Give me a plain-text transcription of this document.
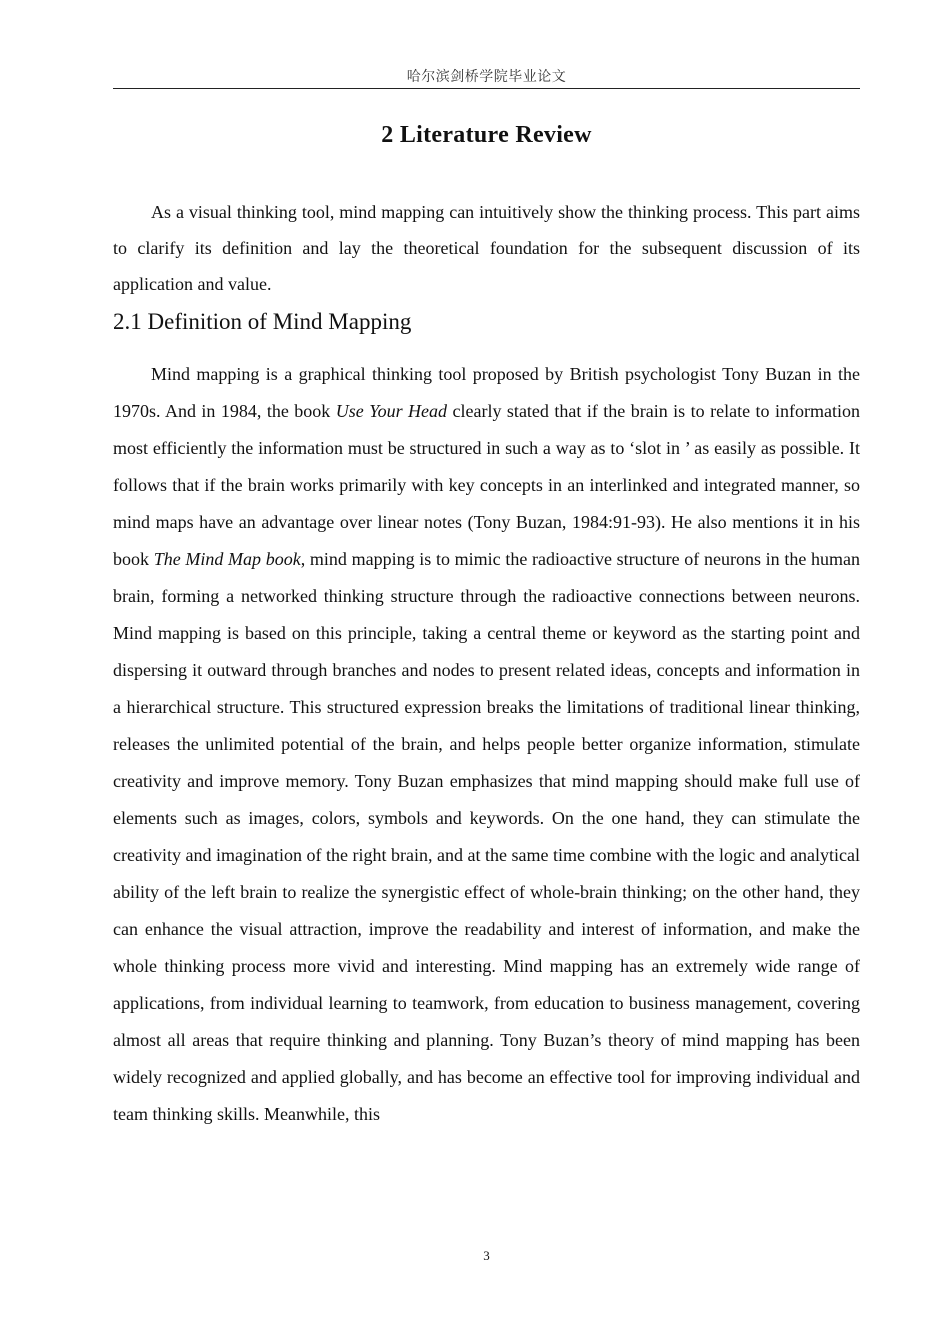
哈尔滨剑桥学院毕业论文
2 Literature Review

As a visual thinking tool, mind mapping can intuitively show the thinking process. This part aims to clarify its definition and lay the theoretical foundation for the subsequent discussion of its application and value.

2.1 Definition of Mind Mapping

Mind mapping is a graphical thinking tool proposed by British psychologist Tony Buzan in the 1970s. And in 1984, the book Use Your Head clearly stated that if the brain is to relate to information most efficiently the information must be structured in such a way as to ‘slot in ’ as easily as possible. It follows that if the brain works primarily with key concepts in an interlinked and integrated manner, so mind maps have an advantage over linear notes (Tony Buzan, 1984:91-93). He also mentions it in his book The Mind Map book, mind mapping is to mimic the radioactive structure of neurons in the human brain, forming a networked thinking structure through the radioactive connections between neurons. Mind mapping is based on this principle, taking a central theme or keyword as the starting point and dispersing it outward through branches and nodes to present related ideas, concepts and information in a hierarchical structure. This structured expression breaks the limitations of traditional linear thinking, releases the unlimited potential of the brain, and helps people better organize information, stimulate creativity and improve memory. Tony Buzan emphasizes that mind mapping should make full use of elements such as images, colors, symbols and keywords. On the one hand, they can stimulate the creativity and imagination of the right brain, and at the same time combine with the logic and analytical ability of the left brain to realize the synergistic effect of whole-brain thinking; on the other hand, they can enhance the visual attraction, improve the readability and interest of information, and make the whole thinking process more vivid and interesting. Mind mapping has an extremely wide range of applications, from individual learning to teamwork, from education to business management, covering almost all areas that require thinking and planning. Tony Buzan’s theory of mind mapping has been widely recognized and applied globally, and has become an effective tool for improving individual and team thinking skills. Meanwhile, this

3
